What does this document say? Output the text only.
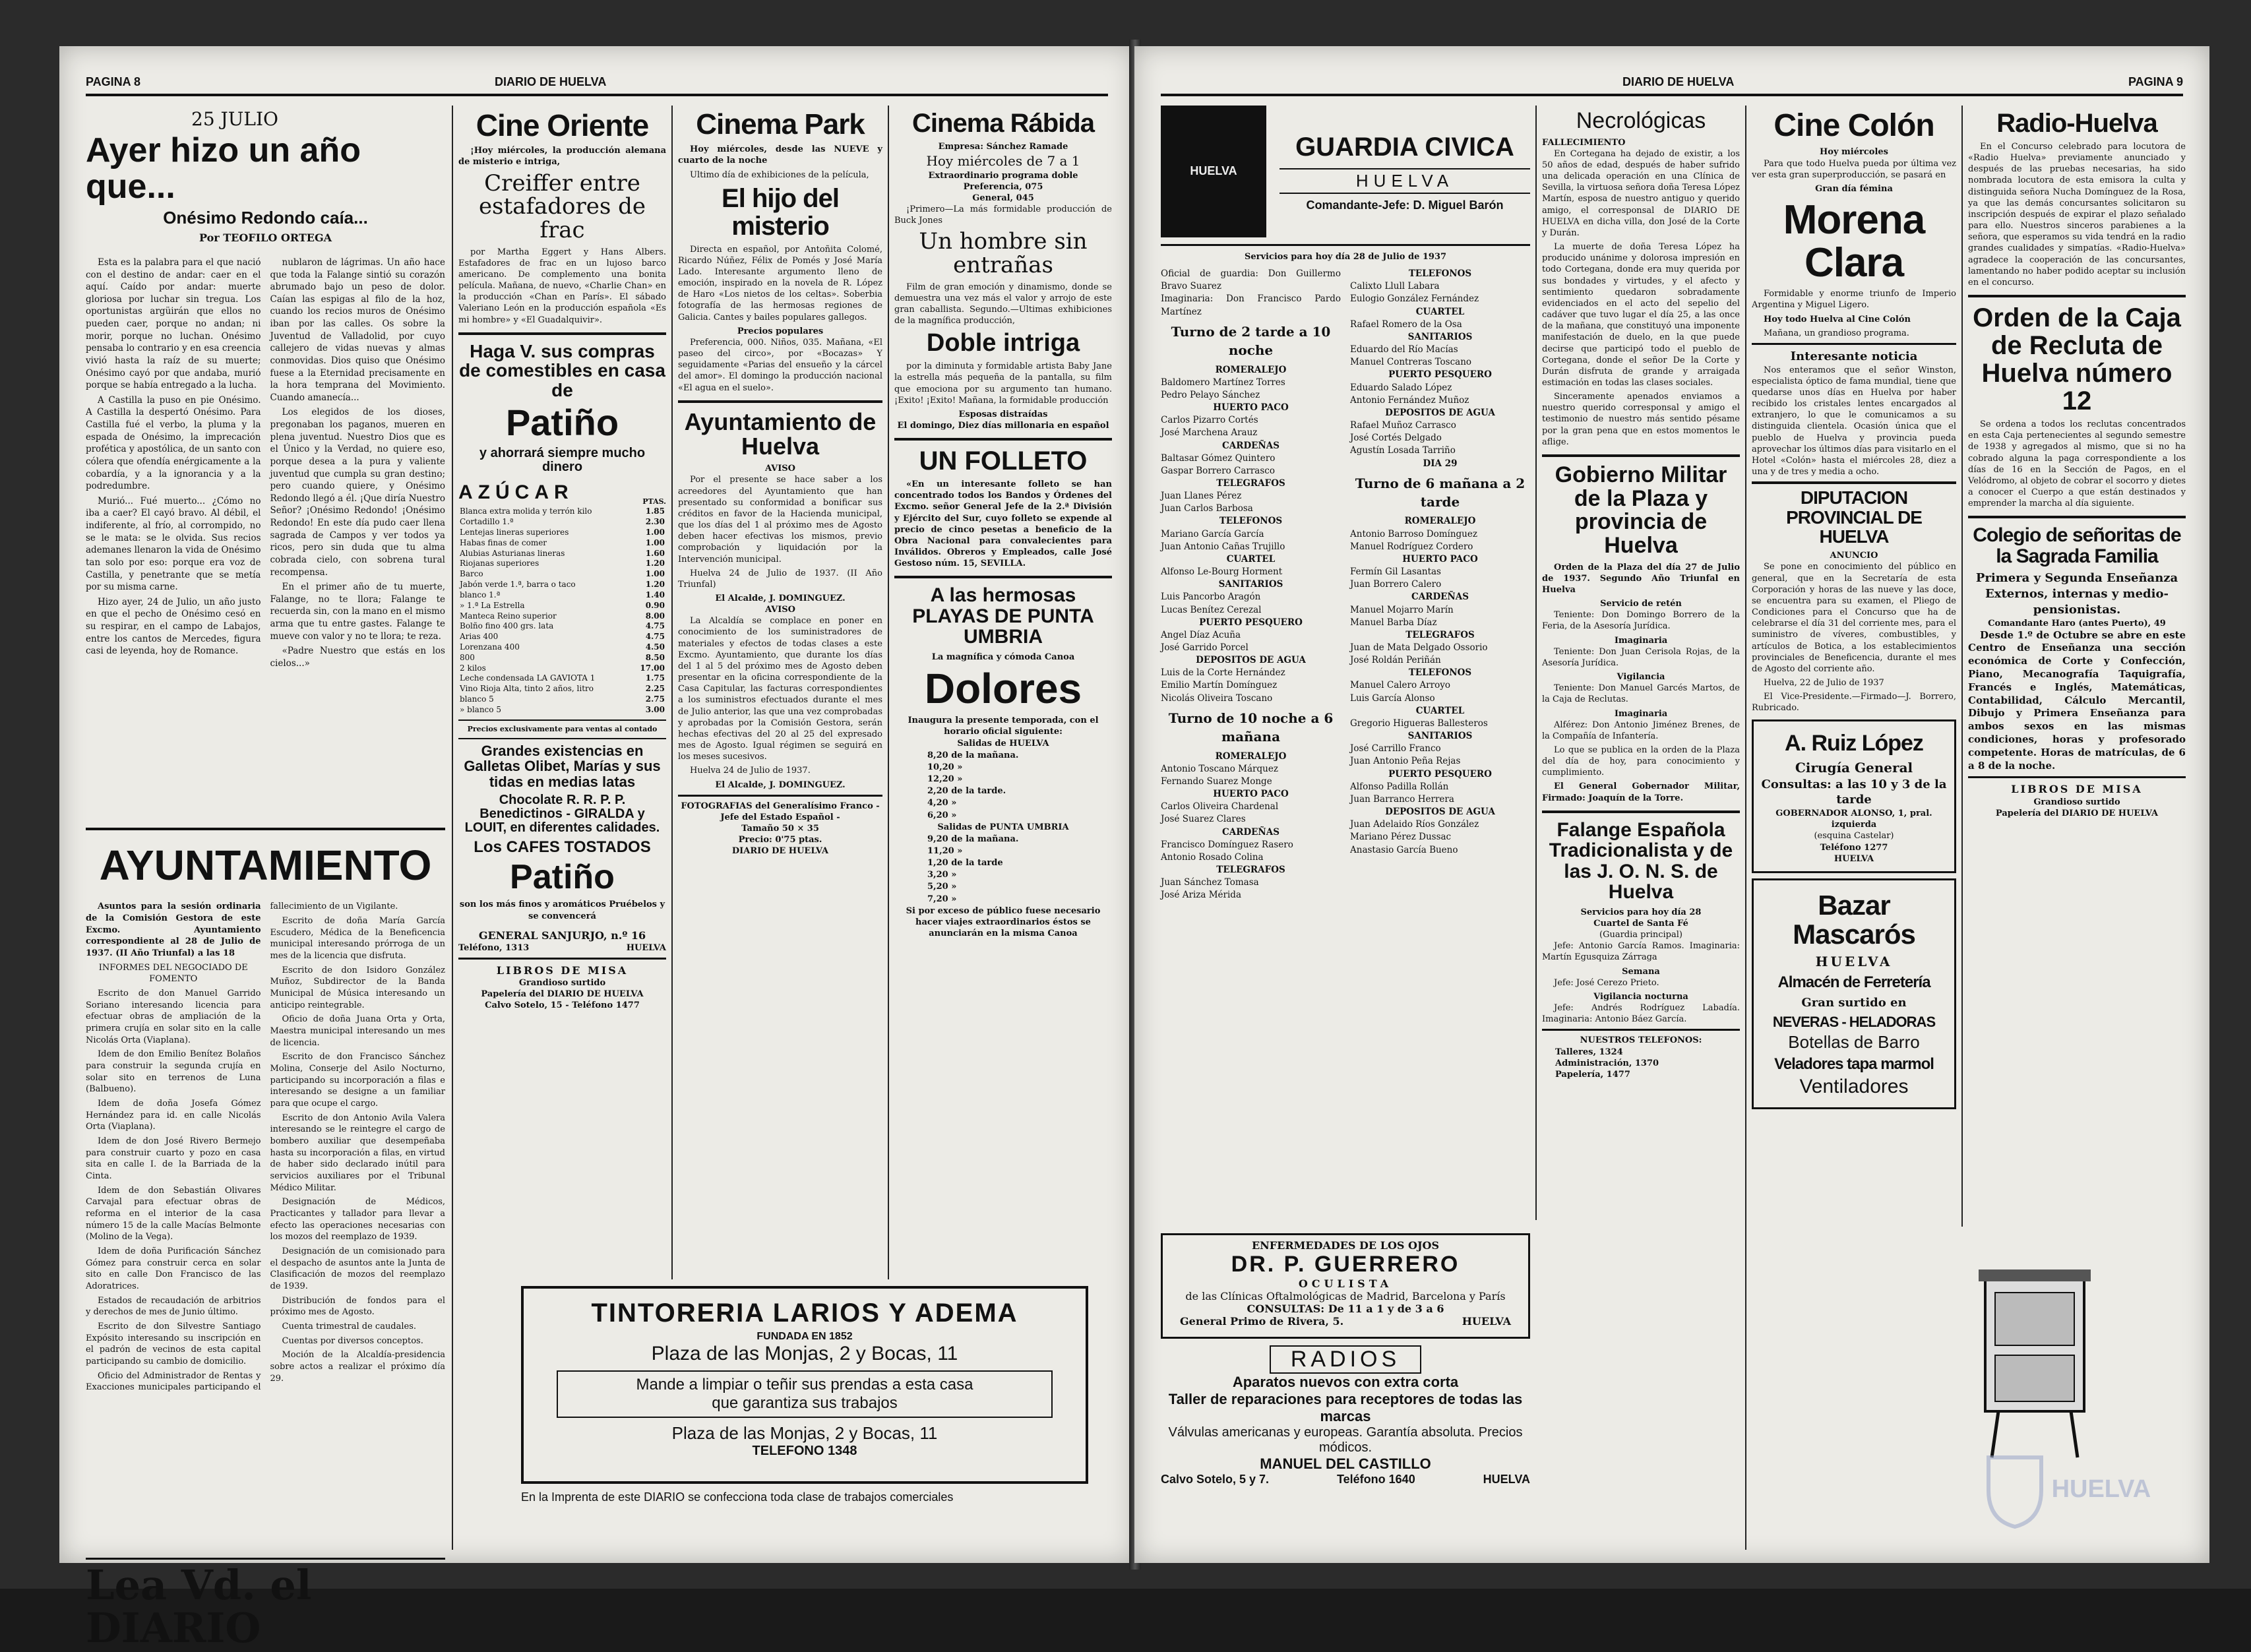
PAGINA 8	DIARIO DE HUELVA
25 JULIO
Ayer hizo un año que...
Onésimo Redondo caía...
Por TEOFILO ORTEGA

Esta es la palabra para el que nació con el destino de andar: caer en el aquí. Caído por andar: muerte gloriosa por luchar sin tregua. Los oportunistas argüirán que ellos no pueden caer, porque no andan; ni morir, porque no luchan. Onésimo pensaba lo contrario y en esa creencia vivió hasta la raíz de su muerte; Onésimo cayó por que andaba, murió porque se había entregado a la lucha.

A Castilla la puso en pie Onésimo. A Castilla la despertó Onésimo. Para Castilla fué el verbo, la pluma y la espada de Onésimo, la imprecación profética y apostólica, de un santo con cólera que ofendía enérgicamente a la cobardía, y a la ignorancia y a la podredumbre.

Murió... Fué muerto... ¿Cómo no iba a caer? El cayó bravo. Al débil, el indiferente, al frío, al corrompido, no se le mata: se le olvida. Sus recios ademanes llenaron la vida de Onésimo tan solo por eso: porque era voz de Castilla, y penetrante que se metía por su misma carne.

Hizo ayer, 24 de Julio, un año justo en que el pecho de Onésimo cesó en su respirar, en el campo de Labajos, entre los cantos de Mercedes, figura casi de leyenda, hoy de Romance.

nublaron de lágrimas. Un año hace que toda la Falange sintió su corazón abrumado bajo un peso de dolor. Caían las espigas al filo de la hoz, cuando los recios muros de Onésimo iban por las calles. Os sobre la Juventud de Valladolid, por cuyo callejero de vidas nuevas y almas conmovidas. Dios quiso que Onésimo fuese a la Eternidad precisamente en la hora temprana del Movimiento. Cuando amanecía...

Los elegidos de los dioses, pregonaban los paganos, mueren en plena juventud. Nuestro Dios que es el Único y la Verdad, no quiere eso, porque desea a la pura y valiente juventud que cumpla su gran destino; pero cuando quiere, y Onésimo Redondo llegó a él. ¡Que diría Nuestro Señor? ¡Onésimo Redondo! ¡Onésimo Redondo! En este día pudo caer llena sagrada de Campos y ver todos ya ricos, pero sin duda que tu alma cobrada cielo, con sobrena tural recompensa.

En el primer año de tu muerte, Falange, no te llora; Falange te recuerda sin, con la mano en el mismo arma que tu entre gastes. Falange te mueve con valor y no te llora; te reza.

«Padre Nuestro que estás en los cielos...»

AYUNTAMIENTO

Asuntos para la sesión ordinaria de la Comisión Gestora de este Excmo. Ayuntamiento correspondiente al 28 de Julio de 1937. (II Año Triunfal) a las 18

INFORMES DEL NEGOCIADO DE FOMENTO

Escrito de don Manuel Garrido Soriano interesando licencia para efectuar obras de ampliación de la primera crujía en solar sito en la calle Nicolás Orta (Viaplana).

Idem de don Emilio Benítez Bolaños para construir la segunda crujía en solar sito en terrenos de Luna (Balbueno).

Idem de doña Josefa Gómez Hernández para id. en calle Nicolás Orta (Viaplana).

Idem de don José Rivero Bermejo para construir cuarto y pozo en casa sita en calle I. de la Barriada de la Cinta.

Idem de don Sebastián Olivares Carvajal para efectuar obras de reforma en el interior de la casa número 15 de la calle Macías Belmonte (Molino de la Vega).

Idem de doña Purificación Sánchez Gómez para construir cerca en solar sito en calle Don Francisco de las Adoratrices.

Estados de recaudación de arbitrios y derechos de mes de Junio último.

Escrito de don Silvestre Santiago Expósito interesando su inscripción en el padrón de vecinos de esta capital participando su cambio de domicilio.

Oficio del Administrador de Rentas y Exacciones municipales participando el fallecimiento de un Vigilante.

Escrito de doña María García Escudero, Médica de la Beneficencia municipal interesando prórroga de un mes de la licencia que disfruta.

Escrito de don Isidoro González Muñoz, Subdirector de la Banda Municipal de Música interesando un anticipo reintegrable.

Oficio de doña Juana Orta y Orta, Maestra municipal interesando un mes de licencia.

Escrito de don Francisco Sánchez Molina, Conserje del Asilo Nocturno, participando su incorporación a filas e interesando se designe a un familiar para que ocupe el cargo.

Escrito de don Antonio Avila Valera interesando se le reintegre el cargo de bombero auxiliar que desempeñaba hasta su incorporación a filas, en virtud de haber sido declarado inútil para servicios auxiliares por el Tribunal Médico Militar.

Designación de Médicos, Practicantes y tallador para llevar a efecto las operaciones necesarias con los mozos del reemplazo de 1939.

Designación de un comisionado para el despacho de asuntos ante la Junta de Clasificación de mozos del reemplazo de 1939.

Distribución de fondos para el próximo mes de Agosto.

Cuenta trimestral de caudales.

Cuentas por diversos conceptos.

Moción de la Alcaldía-presidencia sobre actos a realizar el próximo día 29.

Lea Vd. el DIARIO
Cine Oriente

¡Hoy miércoles, la producción alemana de misterio e intriga,

Creiffer entre estafadores de frac

por Martha Eggert y Hans Albers. Estafadores de frac en un lujoso barco americano. De complemento una bonita película. Mañana, de nuevo, «Charlie Chan» en la producción «Chan en París». El sábado Valeriano León en la producción española «Es mi hombre» y «El Guadalquivir».

Haga V. sus compras de comestibles en casa de
Patiño
y ahorrará siempre mucho dinero
AZÚCAR	PTAS.
Blanca extra molida y terrón kilo	1.85
Cortadillo 1.ª	2.30
Lentejas lineras superiores	1.00
Habas finas de comer	1.00
Alubias Asturianas lineras	1.60
Riojanas superiores	1.20
Barco	1.00
Jabón verde 1.ª, barra o taco	1.20
blanco 1.ª	1.40
» 1.ª La Estrella	0.90
Manteca Reino superior	8.00
Bolño fino 400 grs. lata	4.75
Arias 400	4.75
Lorenzana 400	4.50
800	8.50
2 kilos	17.00
Leche condensada LA GAVIOTA 1	1.75
Vino Rioja Alta, tinto 2 años, litro	2.25
blanco 5	2.75
» blanco 5	3.00
Precios exclusivamente para ventas al contado
Grandes existencias en Galletas Olibet, Marías y sus tidas en medias latas
Chocolate R. R. P. P. Benedictinos - GIRALDA y LOUIT, en diferentes calidades.
Los CAFES TOSTADOS
Patiño
son los más finos y aromáticos Pruébelos y se convencerá
GENERAL SANJURJO, n.º 16
Teléfono, 1313	HUELVA
LIBROS DE MISA
Grandioso surtido
Papelería del DIARIO DE HUELVA
Calvo Sotelo, 15 - Teléfono 1477
Cinema Park

Hoy miércoles, desde las NUEVE y cuarto de la noche

Ultimo día de exhibiciones de la película,

El hijo del misterio

Directa en español, por Antoñita Colomé, Ricardo Núñez, Félix de Pomés y José María Lado. Interesante argumento lleno de emoción, inspirado en la novela de R. López de Haro «Los nietos de los celtas». Soberbia fotografía de las hermosas regiones de Galicia. Cantes y bailes populares gallegos.

Precios populares

Preferencia, 000. Niños, 035. Mañana, «El paseo del circo», por «Bocazas» Y seguidamente «Parias del ensueño y la cárcel del amor». El domingo la producción nacional «El agua en el suelo».

Ayuntamiento de Huelva
AVISO

Por el presente se hace saber a los acreedores del Ayuntamiento que han presentado su conformidad a bonificar sus créditos en favor de la Hacienda municipal, que los días del 1 al próximo mes de Agosto deben hacer efectivas los mismos, previo comprobación y liquidación por la Intervención municipal.

Huelva 24 de Julio de 1937. (II Año Triunfal)

El Alcalde, J. DOMINGUEZ.
AVISO

La Alcaldía se complace en poner en conocimiento de los suministradores de materiales y efectos de todas clases a este Excmo. Ayuntamiento, que durante los días del 1 al 5 del próximo mes de Agosto deben presentar en la oficina correspondiente de la Casa Capitular, las facturas correspondientes a los suministros efectuados durante el mes de Julio anterior, las que una vez comprobadas y aprobadas por la Comisión Gestora, serán hechas efectivas del 20 al 25 del expresado mes de Agosto. Igual régimen se seguirá en los meses sucesivos.

Huelva 24 de Julio de 1937.

El Alcalde, J. DOMINGUEZ.
FOTOGRAFIAS del Generalísimo Franco - Jefe del Estado Español -
Tamaño 50 × 35
Precio: 0'75 ptas.
DIARIO DE HUELVA
Cinema Rábida
Empresa: Sánchez Ramade
Hoy miércoles de 7 a 1
Extraordinario programa doble
Preferencia, 075
General, 045

¡Primero—La más formidable producción de Buck Jones

Un hombre sin entrañas

Film de gran emoción y dinamismo, donde se demuestra una vez más el valor y arrojo de este gran caballista. Segundo.—Ultimas exhibiciones de la magnífica producción,

Doble intriga

por la diminuta y formidable artista Baby Jane la estrella más pequeña de la pantalla, su film que emociona por su argumento tan humano. ¡Exito! ¡Exito! Mañana, la formidable producción

Esposas distraídas
El domingo, Diez días millonaria en español
UN FOLLETO

«En un interesante folleto se han concentrado todos los Bandos y Órdenes del Excmo. señor General Jefe de la 2.ª División y Ejército del Sur, cuyo folleto se expende al precio de cinco pesetas a beneficio de la Obra Nacional para convalecientes para Inválidos. Obreros y Empleados, calle José Gestoso núm. 15, SEVILLA.

A las hermosas PLAYAS DE PUNTA UMBRIA
La magnífica y cómoda Canoa
Dolores
Inaugura la presente temporada, con el horario oficial siguiente:
Salidas de HUELVA
8,20 de la mañana.
10,20 »
12,20 »
2,20 de la tarde.
4,20 »
6,20 »
Salidas de PUNTA UMBRIA
9,20 de la mañana.
11,20 »
1,20 de la tarde
3,20 »
5,20 »
7,20 »
Si por exceso de público fuese necesario hacer viajes extraordinarios éstos se anunciarán en la misma Canoa
TINTORERIA LARIOS Y ADEMA
FUNDADA EN 1852
Plaza de las Monjas, 2 y Bocas, 11
Mande a limpiar o teñir sus prendas a esta casa
que garantiza sus trabajos
Plaza de las Monjas, 2 y Bocas, 11
TELEFONO 1348
En la Imprenta de este DIARIO se confecciona toda clase de trabajos comerciales
DIARIO DE HUELVA	PAGINA 9
HUELVA
GUARDIA CIVICA
HUELVA
Comandante-Jefe: D. Miguel Barón
Servicios para hoy día 28 de Julio de 1937
Oficial de guardia: Don Guillermo Bravo Suarez
Imaginaria: Don Francisco Pardo Martínez
Turno de 2 tarde a 10 noche
ROMERALEJO
Baldomero Martínez Torres
Pedro Pelayo Sánchez
HUERTO PACO
Carlos Pizarro Cortés
José Marchena Arauz
CARDEÑAS
Baltasar Gómez Quintero
Gaspar Borrero Carrasco
TELEGRAFOS
Juan Llanes Pérez
Juan Carlos Barbosa
TELEFONOS
Mariano García García
Juan Antonio Cañas Trujillo
CUARTEL
Alfonso Le-Bourg Horment
SANITARIOS
Luis Pancorbo Aragón
Lucas Benítez Cerezal
PUERTO PESQUERO
Angel Díaz Acuña
José Garrido Porcel
DEPOSITOS DE AGUA
Luis de la Corte Hernández
Emilio Martín Domínguez
Nicolás Oliveira Toscano
Turno de 10 noche a 6 mañana
ROMERALEJO
Antonio Toscano Márquez
Fernando Suarez Monge
HUERTO PACO
Carlos Oliveira Chardenal
José Suarez Clares
CARDEÑAS
Francisco Domínguez Rasero
Antonio Rosado Colina
TELEGRAFOS
Juan Sánchez Tomasa
José Ariza Mérida
TELEFONOS
Calixto Llull Labara
Eulogio González Fernández
CUARTEL
Rafael Romero de la Osa
SANITARIOS
Eduardo del Río Macías
Manuel Contreras Toscano
PUERTO PESQUERO
Eduardo Salado López
Antonio Fernández Muñoz
DEPOSITOS DE AGUA
Rafael Muñoz Carrasco
José Cortés Delgado
Agustín Losada Tarriño
DIA 29
Turno de 6 mañana a 2 tarde
ROMERALEJO
Antonio Barroso Domínguez
Manuel Rodríguez Cordero
HUERTO PACO
Fermín Gil Lasantas
Juan Borrero Calero
CARDEÑAS
Manuel Mojarro Marín
Manuel Barba Díaz
TELEGRAFOS
Juan de Mata Delgado Ossorio
José Roldán Periñán
TELEFONOS
Manuel Calero Arroyo
Luis García Alonso
CUARTEL
Gregorio Higueras Ballesteros
SANITARIOS
José Carrillo Franco
Juan Antonio Peña Rejas
PUERTO PESQUERO
Alfonso Padilla Rollán
Juan Barranco Herrera
DEPOSITOS DE AGUA
Juan Adelaido Ríos González
Mariano Pérez Dussac
Anastasio García Bueno
Necrológicas
FALLECIMIENTO

En Cortegana ha dejado de existir, a los 50 años de edad, después de haber sufrido una delicada operación en una Clínica de Sevilla, la virtuosa señora doña Teresa López Martín, esposa de nuestro antiguo y querido amigo, el corresponsal de DIARIO DE HUELVA en dicha villa, don José de la Corte y Durán.

La muerte de doña Teresa López ha producido unánime y dolorosa impresión en todo Cortegana, donde era muy querida por sus bondades y virtudes, y el afecto y sentimiento quedaron sobradamente evidenciados en el acto del sepelio del cadáver que tuvo lugar el día 25, a las once de la mañana, que constituyó una imponente manifestación de duelo, en la que puede decirse que participó todo el pueblo de Cortegana, donde el señor De la Corte y Durán disfruta de grande y arraigada estimación en todas las clases sociales.

Sinceramente apenados enviamos a nuestro querido corresponsal y amigo el testimonio de nuestro más sentido pésame por la gran pena que en estos momentos le aflige.

Gobierno Militar de la Plaza y provincia de Huelva

Orden de la Plaza del día 27 de Julio de 1937. Segundo Año Triunfal en Huelva

Servicio de retén

Teniente: Don Domingo Borrero de la Feria, de la Asesoría Jurídica.

Imaginaria

Teniente: Don Juan Cerisola Rojas, de la Asesoría Jurídica.

Vigilancia

Teniente: Don Manuel Garcés Martos, de la Caja de Reclutas.

Imaginaria

Alférez: Don Antonio Jiménez Brenes, de la Compañía de Infantería.

Lo que se publica en la orden de la Plaza del día de hoy, para conocimiento y cumplimiento.

El General Gobernador Militar, Firmado: Joaquín de la Torre.

Falange Española Tradicionalista y de las J. O. N. S. de Huelva
Servicios para hoy día 28
Cuartel de Santa Fé
(Guardia principal)

Jefe: Antonio García Ramos. Imaginaria: Martín Egusquiza Zárraga

Semana

Jefe: José Cerezo Prieto.

Vigilancia nocturna

Jefe: Andrés Rodríguez Labadía. Imaginaria: Antonio Báez García.

NUESTROS TELEFONOS:
Talleres, 1324
Administración, 1370
Papelería, 1477
Cine Colón
Hoy miércoles

Para que todo Huelva pueda por última vez ver esta gran superproducción, se pasará en

Gran día fémina
Morena Clara

Formidable y enorme triunfo de Imperio Argentina y Miguel Ligero.

Hoy todo Huelva al Cine Colón

Mañana, un grandioso programa.

Interesante noticia

Nos enteramos que el señor Winston, especialista óptico de fama mundial, tiene que quedarse unos días en Huelva por haber recibido los cristales lentes encargados al extranjero, lo que le comunicamos a su distinguida clientela. Ocasión única que el pueblo de Huelva y provincia pueda aprovechar los últimos días para visitarlo en el Hotel «Colón» hasta el miércoles 28, diez a una y de tres y media a ocho.

DIPUTACION PROVINCIAL DE HUELVA
ANUNCIO

Se pone en conocimiento del público en general, que en la Secretaría de esta Corporación y horas de las nueve y las doce, se encuentra para su examen, el Pliego de Condiciones para el Concurso que ha de celebrarse el día 31 del corriente mes, para el suministro de víveres, combustibles, y artículos de Botica, a los establecimientos provinciales de Beneficencia, durante el mes de Agosto del corriente año.

Huelva, 22 de Julio de 1937

El Vice-Presidente.—Firmado—J. Borrero, Rubricado.

A. Ruiz López
Cirugía General
Consultas: a las 10 y 3 de la tarde
GOBERNADOR ALONSO, 1, pral. izquierda
(esquina Castelar)
Teléfono 1277
HUELVA
Bazar Mascarós
HUELVA
Almacén de Ferretería
Gran surtido en
NEVERAS - HELADORAS
Botellas de Barro
Veladores tapa marmol
Ventiladores
Radio-Huelva

En el Concurso celebrado para locutora de «Radio Huelva» previamente anunciado y después de las pruebas necesarias, ha sido nombrada locutora de esta emisora la culta y distinguida señora Nucha Domínguez de la Rosa, ya que las demás concursantes solicitaron su inscripción después de expirar el plazo señalado para ello. Nuestros sinceros parabienes a la señora, que esperamos su vida tendrá en la radio grandes cualidades y simpatías. «Radio-Huelva» agradece la cooperación de las concursantes, lamentando no haber podido aceptar su inclusión en el concurso.

Orden de la Caja de Recluta de Huelva número 12

Se ordena a todos los reclutas concentrados en esta Caja pertenecientes al segundo semestre de 1938 y agregados al mismo, que si no ha cobrado alguna la paga correspondiente a los días de 16 en la Sección de Pagos, en el Velódromo, al objeto de cobrar el socorro y dietes a conocer el Cuerpo a que están destinados y emprender la marcha al día siguiente.

Colegio de señoritas de la Sagrada Familia
Primera y Segunda Enseñanza Externos, internas y medio-pensionistas.
Comandante Haro (antes Puerto), 49

Desde 1.º de Octubre se abre en este Centro de Enseñanza una sección económica de Corte y Confección, Piano, Mecanografía Taquigrafía, Francés e Inglés, Matemáticas, Contabilidad, Cálculo Mercantil, Dibujo y Primera Enseñanza para ambos sexos en las mismas condiciones, horas y profesorado competente. Horas de matrículas, de 6 a 8 de la noche.

LIBROS DE MISA
Grandioso surtido
Papelería del DIARIO DE HUELVA
ENFERMEDADES DE LOS OJOS
DR. P. GUERRERO
OCULISTA
de las Clínicas Oftalmológicas de Madrid, Barcelona y París
CONSULTAS: De 11 a 1 y de 3 a 6
General Primo de Rivera, 5.	HUELVA
RADIOS
Aparatos nuevos con extra corta
Taller de reparaciones para receptores de todas las marcas
Válvulas americanas y europeas. Garantía absoluta. Precios módicos.
MANUEL DEL CASTILLO
Calvo Sotelo, 5 y 7.	Teléfono 1640	HUELVA	HUELVA
